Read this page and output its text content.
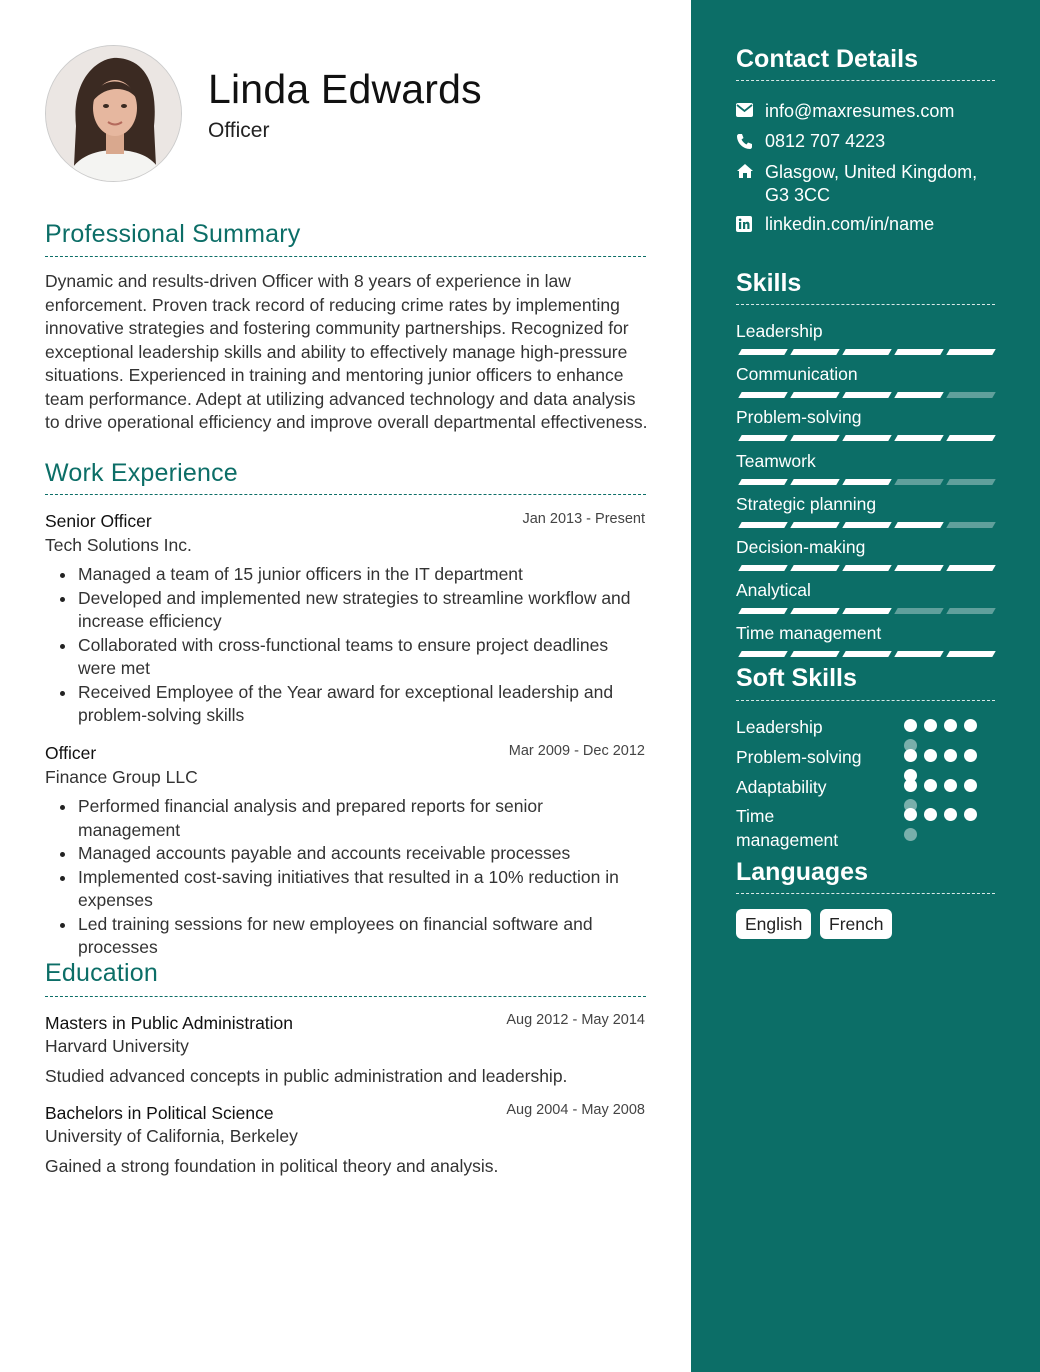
Linda Edwards
Officer
Professional Summary
Dynamic and results-driven Officer with 8 years of experience in law enforcement. Proven track record of reducing crime rates by implementing innovative strategies and fostering community partnerships. Recognized for exceptional leadership skills and ability to effectively manage high-pressure situations. Experienced in training and mentoring junior officers to enhance team performance. Adept at utilizing advanced technology and data analysis to drive operational efficiency and improve overall departmental effectiveness.
Work Experience
Senior Officer	Jan 2013 - Present
Tech Solutions Inc.
Managed a team of 15 junior officers in the IT department
Developed and implemented new strategies to streamline workflow and increase efficiency
Collaborated with cross-functional teams to ensure project deadlines were met
Received Employee of the Year award for exceptional leadership and problem-solving skills
Officer	Mar 2009 - Dec 2012
Finance Group LLC
Performed financial analysis and prepared reports for senior management
Managed accounts payable and accounts receivable processes
Implemented cost-saving initiatives that resulted in a 10% reduction in expenses
Led training sessions for new employees on financial software and processes
Education
Masters in Public Administration	Aug 2012 - May 2014
Harvard University
Studied advanced concepts in public administration and leadership.
Bachelors in Political Science	Aug 2004 - May 2008
University of California, Berkeley
Gained a strong foundation in political theory and analysis.
Contact Details
info@maxresumes.com
0812 707 4223
Glasgow, United Kingdom, G3 3CC
linkedin.com/in/name
Skills
Leadership
Communication
Problem-solving
Teamwork
Strategic planning
Decision-making
Analytical
Time management
Soft Skills
Leadership
Problem-solving
Adaptability
Time management
Languages
English	French
